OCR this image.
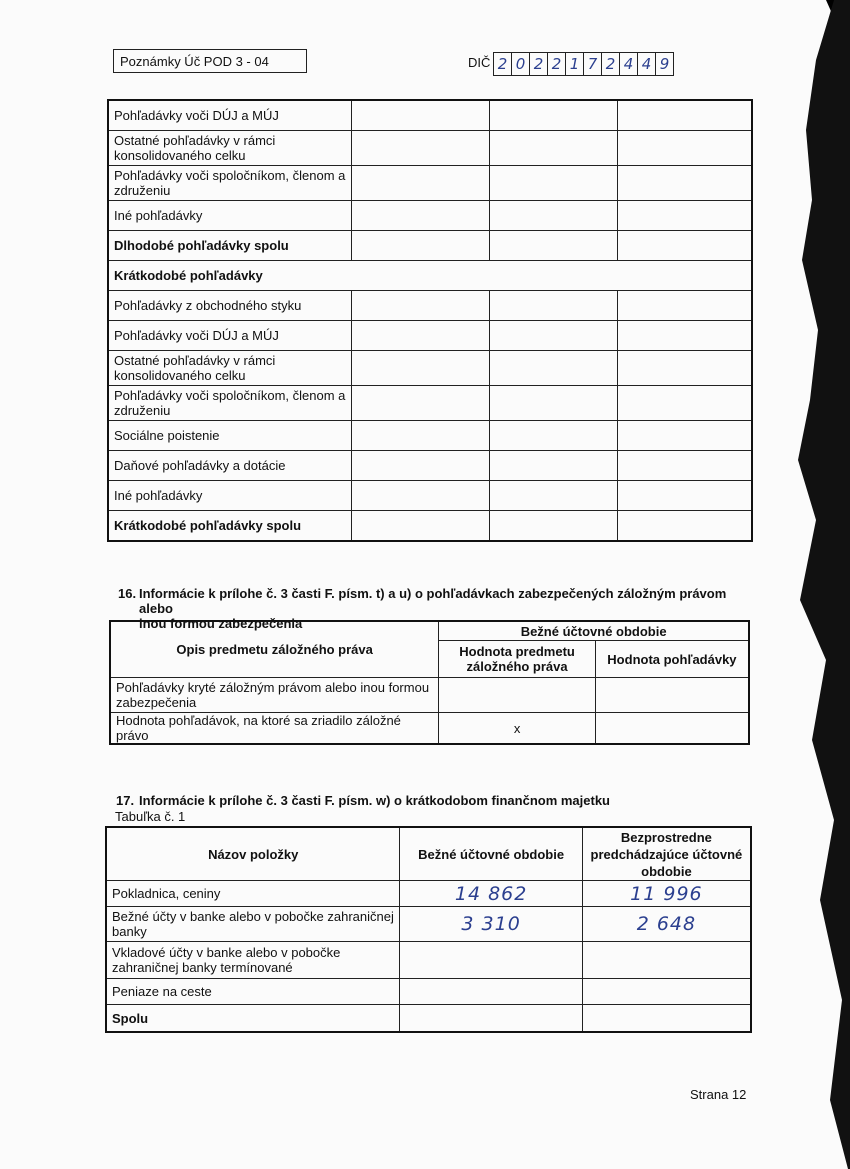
Poznámky Úč POD 3 - 04	DIČ 2 0 2 2 1 7 2 4 4 9
Pohľadávky voči DÚJ a MÚJ			
Ostatné pohľadávky v rámci konsolidovaného celku			
Pohľadávky voči spoločníkom, členom a združeniu			
Iné pohľadávky			
Dlhodobé pohľadávky spolu			
Krátkodobé pohľadávky			
Pohľadávky z obchodného styku			
Pohľadávky voči DÚJ a MÚJ			
Ostatné pohľadávky v rámci konsolidovaného celku			
Pohľadávky voči spoločníkom, členom a združeniu			
Sociálne poistenie			
Daňové pohľadávky a dotácie			
Iné pohľadávky			
Krátkodobé pohľadávky spolu			
16. Informácie k prílohe č. 3 časti F. písm. t) a u) o pohľadávkach zabezpečených záložným právom alebo
inou formou zabezpečenia
Opis predmetu záložného práva	Bežné účtovné obdobie	
	Hodnota predmetu záložného práva	Hodnota pohľadávky
Pohľadávky kryté záložným právom alebo inou formou zabezpečenia		
Hodnota pohľadávok, na ktoré sa zriadilo záložné právo	x	
17. Informácie k prílohe č. 3 časti F. písm. w) o krátkodobom finančnom majetku
Tabuľka č. 1
Názov položky	Bežné účtovné obdobie	Bezprostredne predchádzajúce účtovné obdobie
Pokladnica, ceniny	14 862	11 996
Bežné účty v banke alebo v pobočke zahraničnej banky	3 310	2 648
Vkladové účty v banke alebo v pobočke zahraničnej banky termínované		
Peniaze na ceste		
Spolu		
Strana 12
